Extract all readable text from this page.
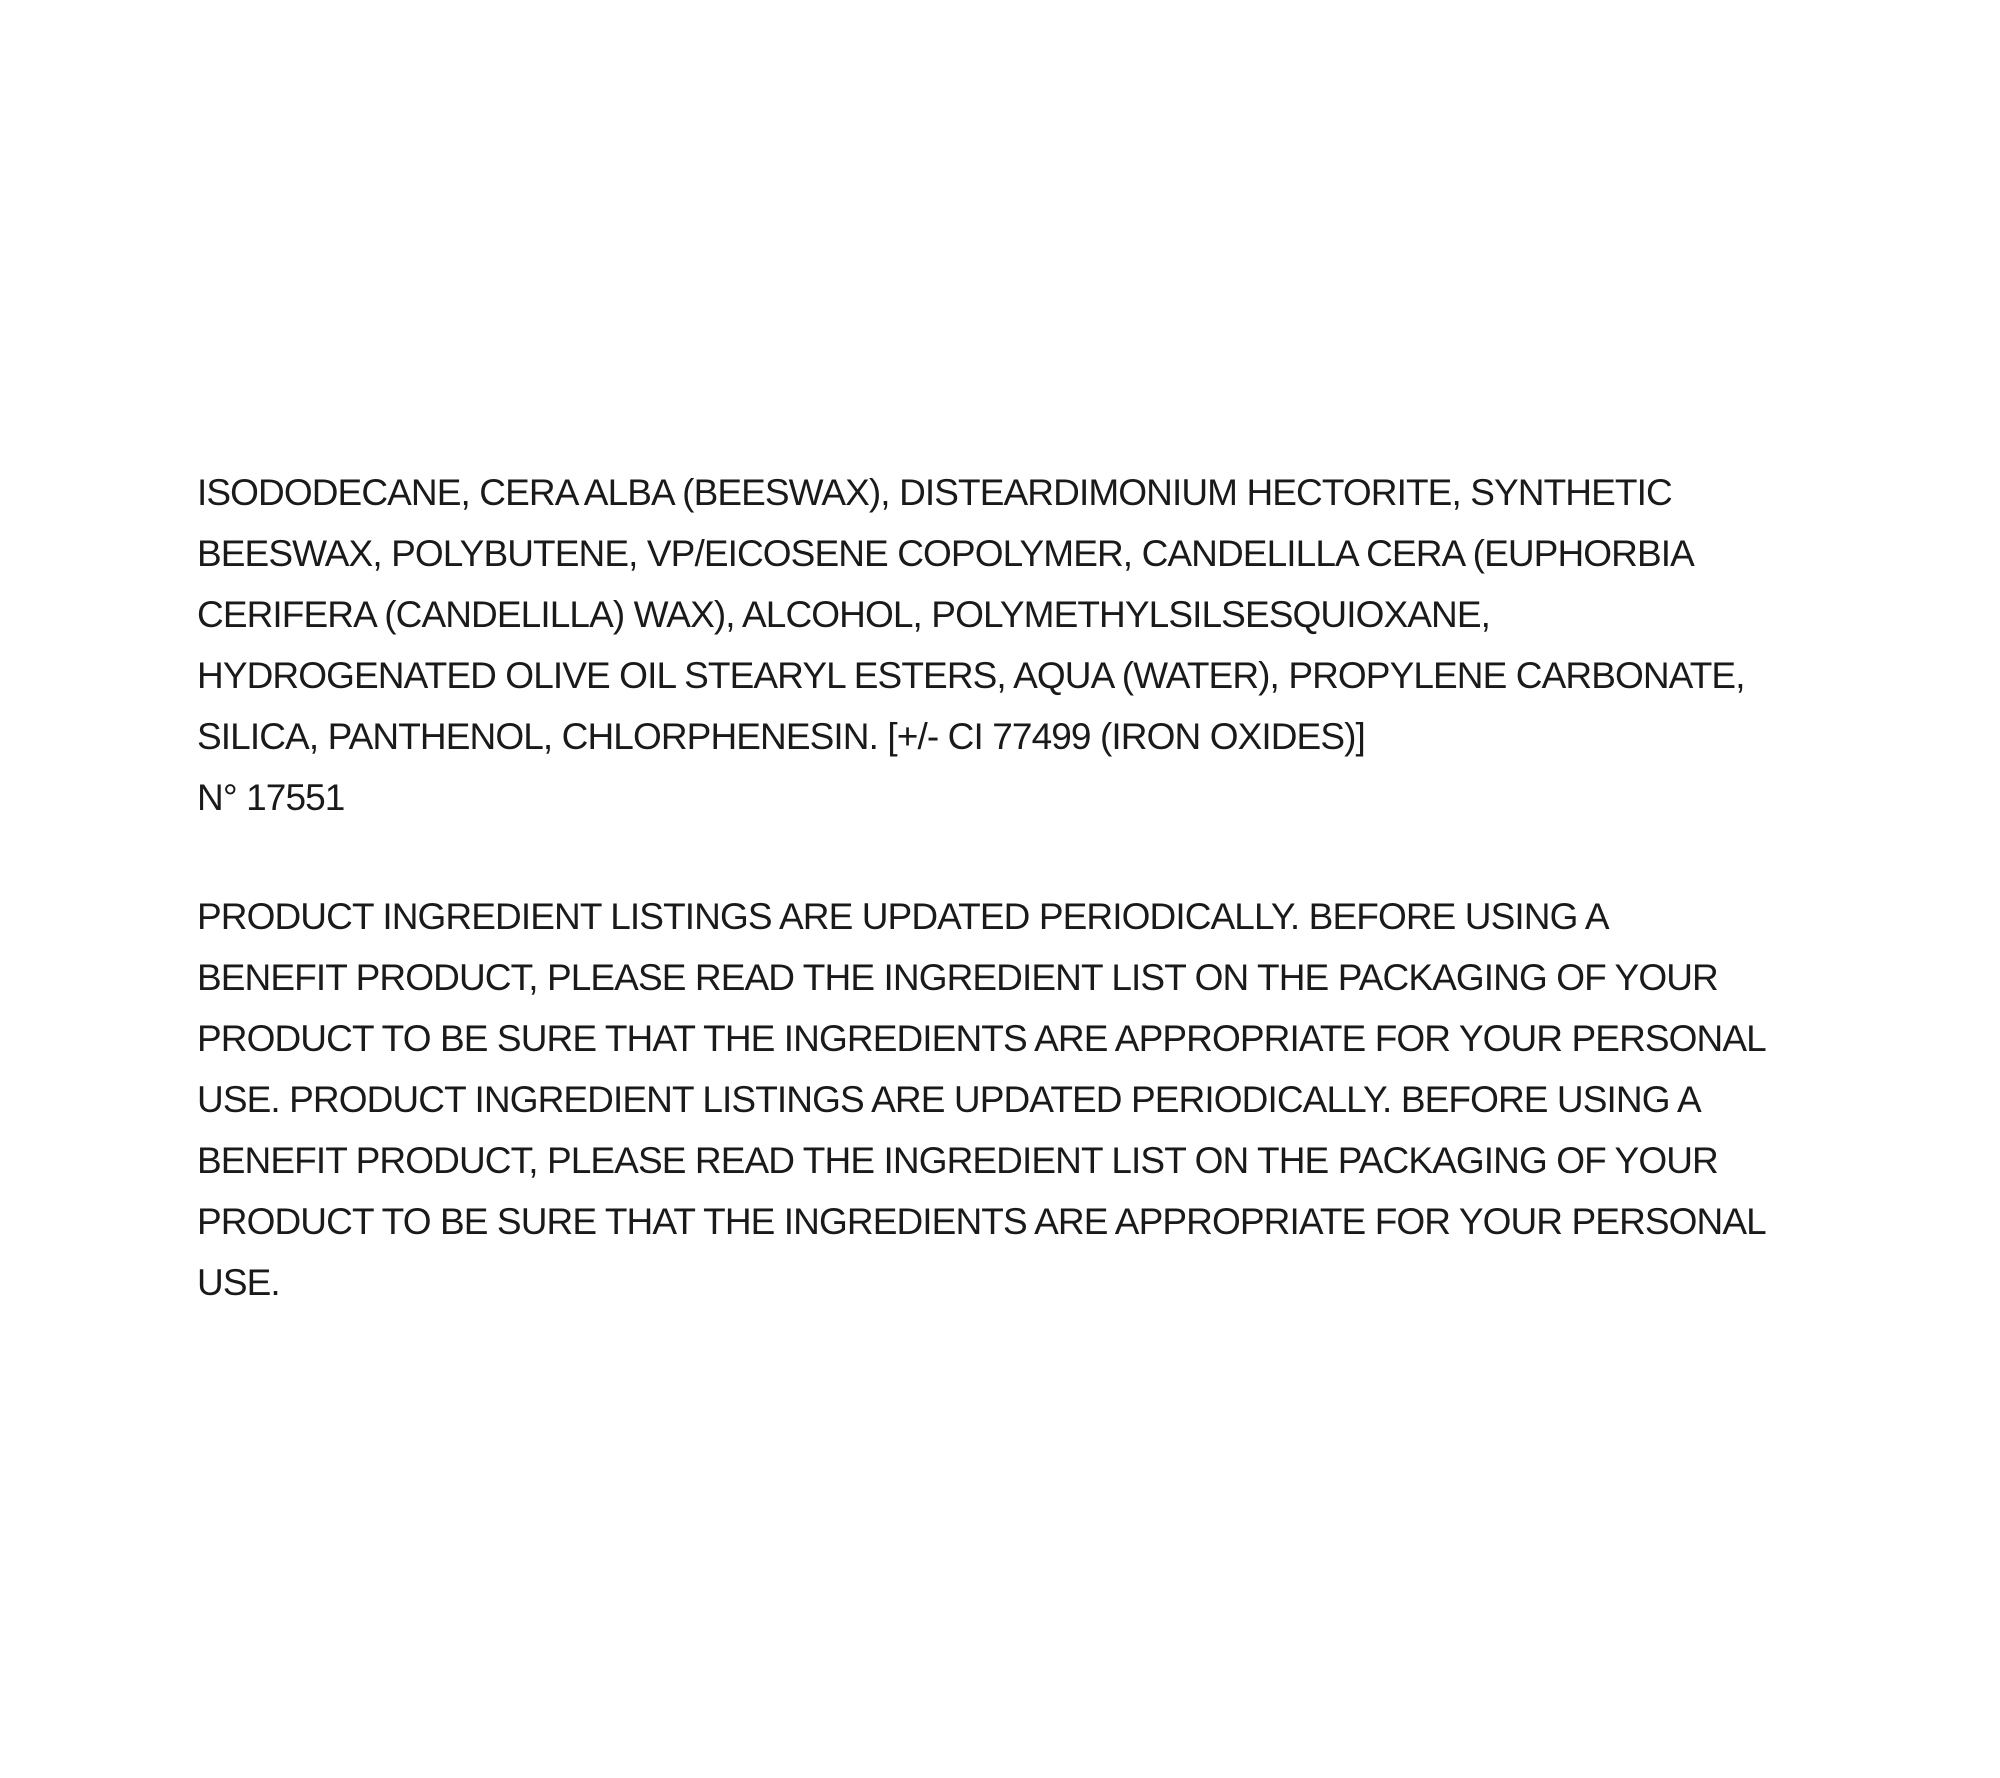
ISODODECANE, CERA ALBA (BEESWAX), DISTEARDIMONIUM HECTORITE, SYNTHETIC

BEESWAX, POLYBUTENE, VP/EICOSENE COPOLYMER, CANDELILLA CERA (EUPHORBIA

CERIFERA (CANDELILLA) WAX), ALCOHOL, POLYMETHYLSILSESQUIOXANE,

HYDROGENATED OLIVE OIL STEARYL ESTERS, AQUA (WATER), PROPYLENE CARBONATE,

SILICA, PANTHENOL, CHLORPHENESIN. [+/- CI 77499 (IRON OXIDES)]

N° 17551

PRODUCT INGREDIENT LISTINGS ARE UPDATED PERIODICALLY. BEFORE USING A

BENEFIT PRODUCT, PLEASE READ THE INGREDIENT LIST ON THE PACKAGING OF YOUR

PRODUCT TO BE SURE THAT THE INGREDIENTS ARE APPROPRIATE FOR YOUR PERSONAL

USE. PRODUCT INGREDIENT LISTINGS ARE UPDATED PERIODICALLY. BEFORE USING A

BENEFIT PRODUCT, PLEASE READ THE INGREDIENT LIST ON THE PACKAGING OF YOUR

PRODUCT TO BE SURE THAT THE INGREDIENTS ARE APPROPRIATE FOR YOUR PERSONAL

USE.
